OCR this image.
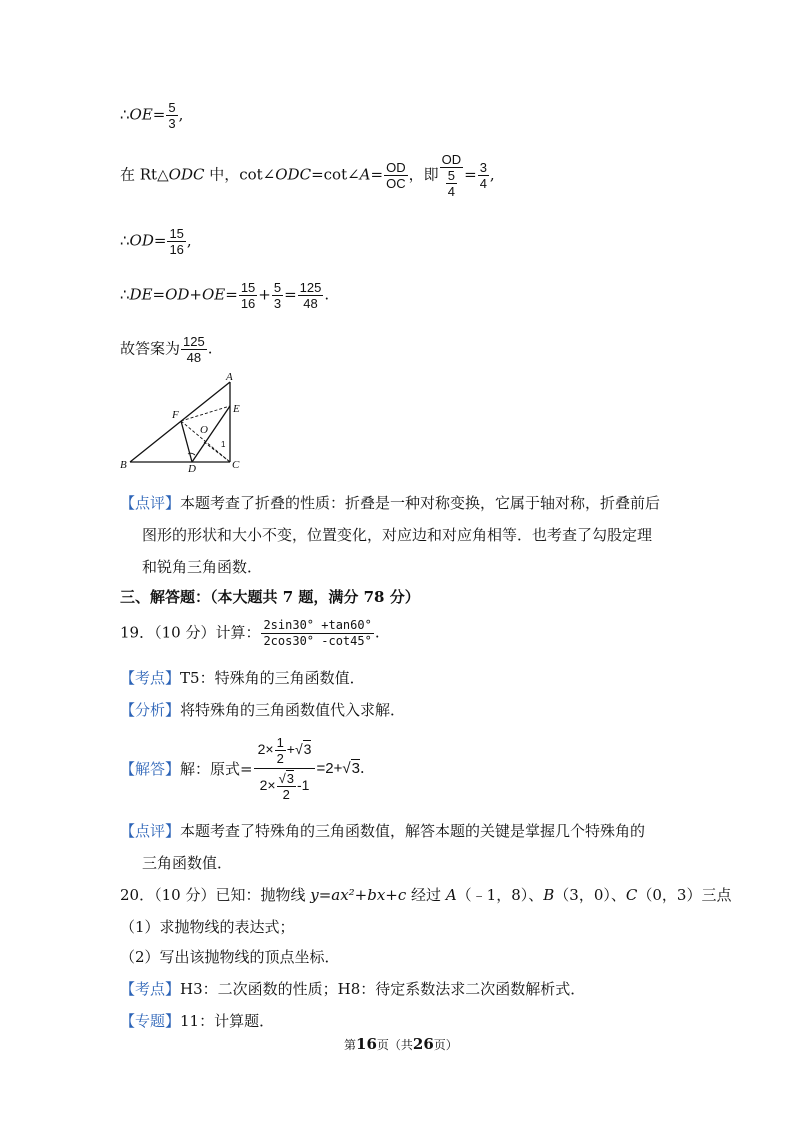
∴OE= $\frac{5}{3}$ ,
在 Rt△ODC 中，cot∠ODC=cot∠A= $\frac{OD}{OC}$ ，即 $\frac{OD}{\frac{5}{4}} = \frac{3}{4}$ ,
∴OD= $\frac{15}{16}$ ,
∴DE=OD+OE= $\frac{15}{16} + \frac{5}{3} = \frac{125}{48}$ .
故答案为 $\frac{125}{48}$ .
A
B	C
D
E
F
O
1
【点评】本题考查了折叠的性质：折叠是一种对称变换，它属于轴对称，折叠前后
图形的形状和大小不变，位置变化，对应边和对应角相等．也考查了勾股定理
和锐角三角函数．
三、解答题：（本大题共 7 题，满分 78 分）
19．（10 分）计算： $\frac{2\sin 30^\circ +\tan 60^\circ}{2\cos 30^\circ -\cot 45^\circ}$ .
【考点】T5：特殊角的三角函数值．
【分析】将特殊角的三角函数值代入求解．
【解答】 解：原式= $\frac{2\times \frac{1}{2} +√3}{2\times \frac{√3}{2} -1} =2+$ √ 3 .
【点评】本题考查了特殊角的三角函数值，解答本题的关键是掌握几个特殊角的
三角函数值．
20．（10 分）已知：抛物线 y=ax²+bx+c 经过 A（﹣1，8）、B（3，0）、C（0，3）三点
（1）求抛物线的表达式；
（2）写出该抛物线的顶点坐标．
【考点】H3：二次函数的性质；H8：待定系数法求二次函数解析式．
【专题】11：计算题．
第16页（共26页）
